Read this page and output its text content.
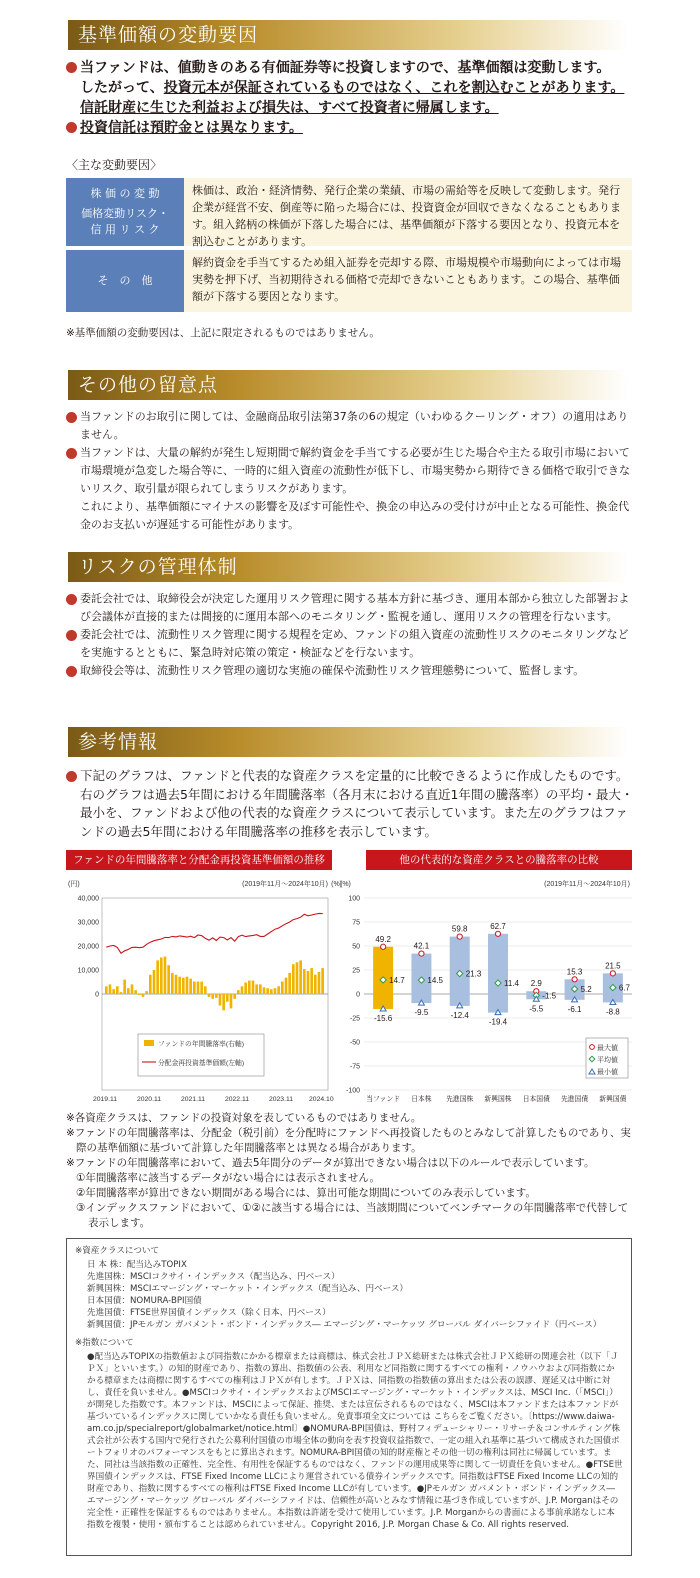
基準価額の変動要因
当ファンドは、値動きのある有価証券等に投資しますので、基準価額は変動します。
したがって、投資元本が保証されているものではなく、これを割込むことがあります。
信託財産に生じた利益および損失は、すべて投資者に帰属します。
投資信託は預貯金とは異なります。
〈主な変動要因〉
株 価 の 変 動
価格変動リスク・
信 用 リ ス ク
株価は、政治・経済情勢、発行企業の業績、市場の需給等を反映して変動します。発行企業が経営不安、倒産等に陥った場合には、投資資金が回収できなくなることもあります。組入銘柄の株価が下落した場合には、基準価額が下落する要因となり、投資元本を割込むことがあります。
そ　の　他
解約資金を手当てするため組入証券を売却する際、市場規模や市場動向によっては市場実勢を押下げ、当初期待される価格で売却できないこともあります。この場合、基準価額が下落する要因となります。
※基準価額の変動要因は、上記に限定されるものではありません。
その他の留意点
当ファンドのお取引に関しては、金融商品取引法第37条の6の規定（いわゆるクーリング・オフ）の適用はありません。
当ファンドは、大量の解約が発生し短期間で解約資金を手当てする必要が生じた場合や主たる取引市場において市場環境が急変した場合等に、一時的に組入資産の流動性が低下し、市場実勢から期待できる価格で取引できないリスク、取引量が限られてしまうリスクがあります。
これにより、基準価額にマイナスの影響を及ぼす可能性や、換金の申込みの受付けが中止となる可能性、換金代金のお支払いが遅延する可能性があります。
リスクの管理体制
委託会社では、取締役会が決定した運用リスク管理に関する基本方針に基づき、運用本部から独立した部署および会議体が直接的または間接的に運用本部へのモニタリング・監視を通し、運用リスクの管理を行ないます。
委託会社では、流動性リスク管理に関する規程を定め、ファンドの組入資産の流動性リスクのモニタリングなどを実施するとともに、緊急時対応策の策定・検証などを行ないます。
取締役会等は、流動性リスク管理の適切な実施の確保や流動性リスク管理態勢について、監督します。
参考情報
下記のグラフは、ファンドと代表的な資産クラスを定量的に比較できるように作成したものです。右のグラフは過去5年間における年間騰落率（各月末における直近1年間の騰落率）の平均・最大・最小を、ファンドおよび他の代表的な資産クラスについて表示しています。また左のグラフはファンドの過去5年間における年間騰落率の推移を表示しています。
ファンドの年間騰落率と分配金再投資基準価額の推移	他の代表的な資産クラスとの騰落率の比較
(円)	(%)
(2019年11月～2024年10月)
40,000
30,000
20,000
10,000
0
2019.11	2020.11	2021.11	2022.11	2023.11 2024.10
ファンドの年間騰落率(右軸)
分配金再投資基準価額(左軸)
(%)	(2019年11月～2024年10月)
100
75
50
25
0
-25
-50
-75
-100
49.2
14.7
-15.6
当ファンド
42.1
14.5
-9.5
日本株
59.8
21.3
-12.4
先進国株
62.7
11.4
-19.4
新興国株
2.9
-1.5
-5.5
日本国債
15.3
5.2
-6.1
先進国債
21.5
6.7
-8.8
新興国債
最大値
平均値
最小値
※各資産クラスは、ファンドの投資対象を表しているものではありません。
※ファンドの年間騰落率は、分配金（税引前）を分配時にファンドへ再投資したものとみなして計算したものであり、実際の基準価額に基づいて計算した年間騰落率とは異なる場合があります。
※ファンドの年間騰落率において、過去5年間分のデータが算出できない場合は以下のルールで表示しています。
①年間騰落率に該当するデータがない場合には表示されません。
②年間騰落率が算出できない期間がある場合には、算出可能な期間についてのみ表示しています。
③インデックスファンドにおいて、①②に該当する場合には、当該期間についてベンチマークの年間騰落率で代替して表示します。
※資産クラスについて
日 本 株：配当込みTOPIX
先進国株：MSCIコクサイ・インデックス（配当込み、円ベース）
新興国株：MSCIエマージング・マーケット・インデックス（配当込み、円ベース）
日本国債：NOMURA-BPI国債
先進国債：FTSE世界国債インデックス（除く日本、円ベース）
新興国債：JPモルガン ガバメント・ボンド・インデックス― エマージング・マーケッツ グローバル ダイバーシファイド（円ベース）
※指数について
●配当込みTOPIXの指数値および同指数にかかる標章または商標は、株式会社ＪＰＸ総研または株式会社ＪＰＸ総研の関連会社（以下「ＪＰＸ」といいます。）の知的財産であり、指数の算出、指数値の公表、利用など同指数に関するすべての権利・ノウハウおよび同指数にかかる標章または商標に関するすべての権利はＪＰＸが有します。ＪＰＸは、同指数の指数値の算出または公表の誤謬、遅延又は中断に対し、責任を負いません。●MSCIコクサイ・インデックスおよびMSCIエマージング・マーケット・インデックスは、MSCI Inc.（「MSCI」）が開発した指数です。本ファンドは、MSCIによって保証、推奨、または宣伝されるものではなく、MSCIは本ファンドまたは本ファンドが基づいているインデックスに関していかなる責任も負いません。免責事項全文については こちらをご覧ください。〔https://www.daiwa-am.co.jp/specialreport/globalmarket/notice.html〕●NOMURA-BPI国債は、野村フィデューシャリー・リサーチ＆コンサルティング株式会社が公表する国内で発行された公募利付国債の市場全体の動向を表す投資収益指数で、一定の組入れ基準に基づいて構成された国債ポートフォリオのパフォーマンスをもとに算出されます。NOMURA-BPI国債の知的財産権とその他一切の権利は同社に帰属しています。また、同社は当該指数の正確性、完全性、有用性を保証するものではなく、ファンドの運用成果等に関して一切責任を負いません。●FTSE世界国債インデックスは、FTSE Fixed Income LLCにより運営されている債券インデックスです。同指数はFTSE Fixed Income LLCの知的財産であり、指数に関するすべての権利はFTSE Fixed Income LLCが有しています。●JPモルガン ガバメント・ボンド・インデックス― エマージング・マーケッツ グローバル ダイバーシファイドは、信頼性が高いとみなす情報に基づき作成していますが、J.P. Morganはその完全性・正確性を保証するものではありません。本指数は許諾を受けて使用しています。J.P. Morganからの書面による事前承諾なしに本指数を複製・使用・頒布することは認められていません。Copyright 2016, J.P. Morgan Chase & Co. All rights reserved.
